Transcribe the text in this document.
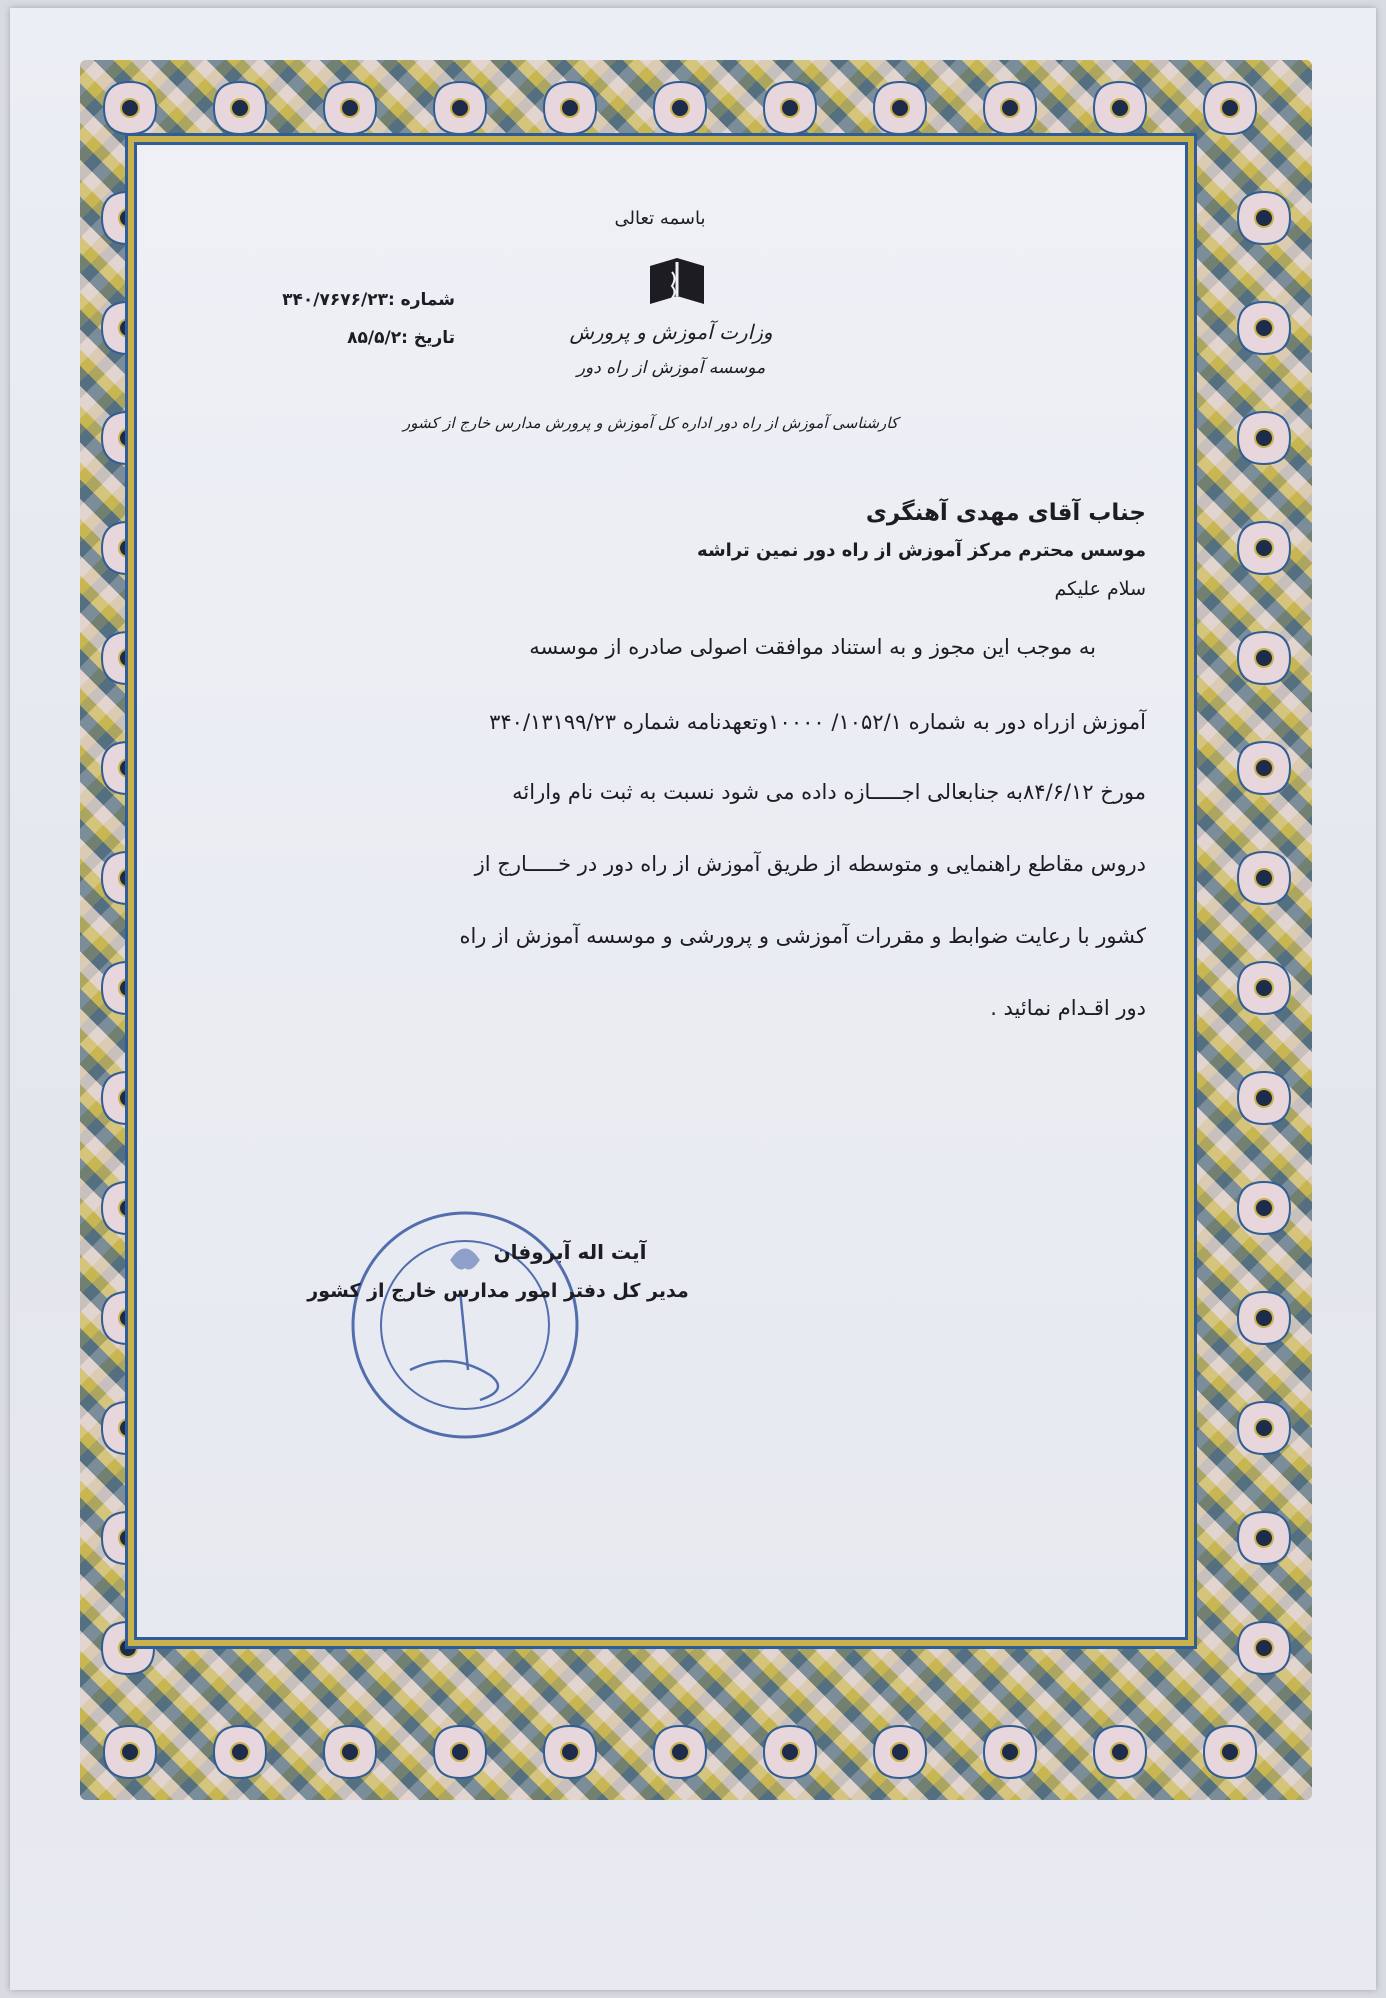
باسمه تعالی
شماره :۳۴۰/۷۶۷۶/۲۳
تاریخ :۸۵/۵/۲	وزارت آموزش و پرورش
موسسه آموزش از راه دور
کارشناسی آموزش از راه دور اداره کل آموزش و پرورش مدارس خارج از کشور
جناب آقای مهدی آهنگری
موسس محترم مرکز آموزش از راه دور نمین تراشه
سلام علیکم
به موجب این مجوز و به استناد موافقت اصولی صادره از موسسه
آموزش ازراه دور به شماره ۱۰۵۲/۱/ ۱۰۰۰۰وتعهدنامه شماره ۳۴۰/۱۳۱۹۹/۲۳
مورخ ۸۴/۶/۱۲به جنابعالی اجـــــازه داده می شود نسبت به ثبت نام وارائه
دروس مقاطع راهنمایی و متوسطه از طریق آموزش از راه دور در خـــــارج از
کشور با رعایت ضوابط و مقررات آموزشی و پرورشی و موسسه آموزش از راه
دور اقـدام نمائید .
آیت اله آبروفان
مدیر کل دفتر امور مدارس خارج از کشور
